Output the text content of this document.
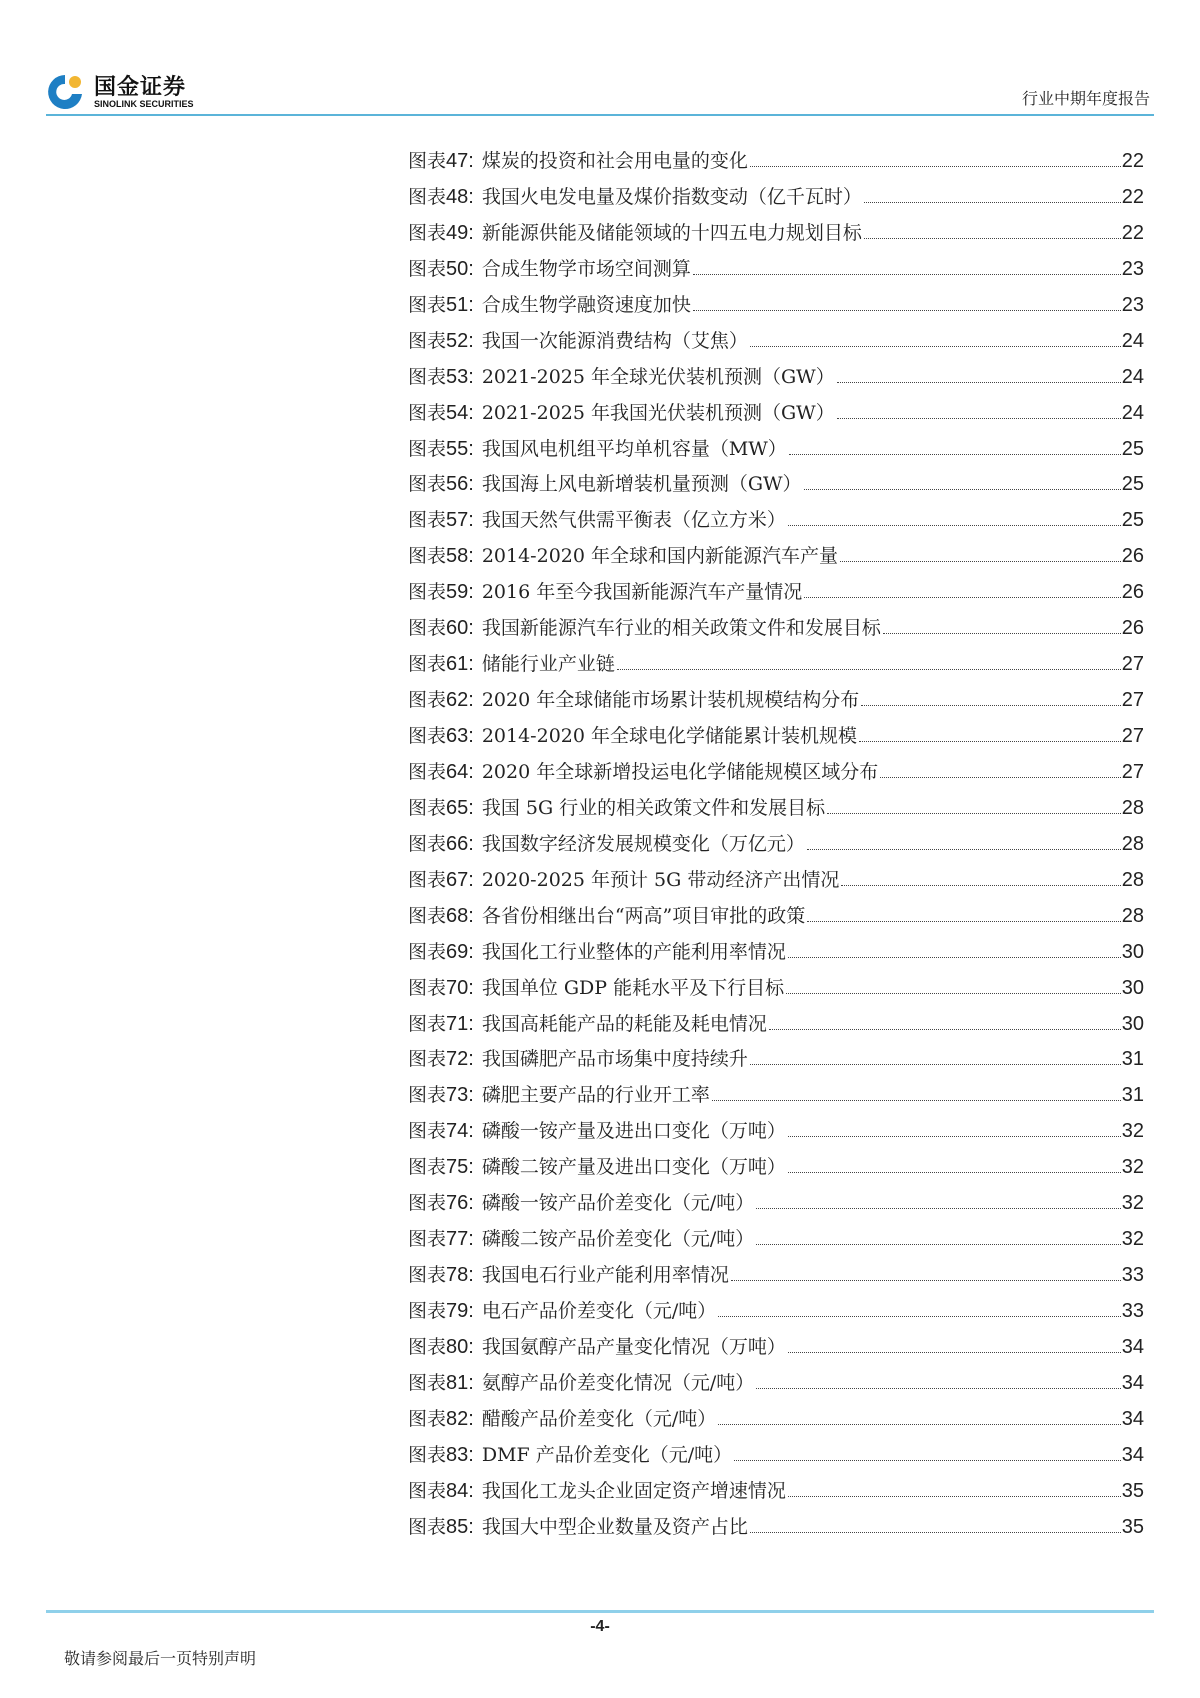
国金证券
SINOLINK SECURITIES	行业中期年度报告
图表 47 : 煤炭的投资和社会用电量的变化	22
图表 48 : 我国火电发电量及煤价指数变动（亿千瓦时）	22
图表 49 : 新能源供能及储能领域的十四五电力规划目标	22
图表 50 : 合成生物学市场空间测算	23
图表 51 : 合成生物学融资速度加快	23
图表 52 : 我国一次能源消费结构（艾焦）	24
图表 53 : 2021-2025 年全球光伏装机预测（GW）	24
图表 54 : 2021-2025 年我国光伏装机预测（GW）	24
图表 55 : 我国风电机组平均单机容量（MW）	25
图表 56 : 我国海上风电新增装机量预测（GW）	25
图表 57 : 我国天然气供需平衡表（亿立方米）	25
图表 58 : 2014-2020 年全球和国内新能源汽车产量	26
图表 59 : 2016 年至今我国新能源汽车产量情况	26
图表 60 : 我国新能源汽车行业的相关政策文件和发展目标	26
图表 61 : 储能行业产业链	27
图表 62 : 2020 年全球储能市场累计装机规模结构分布	27
图表 63 : 2014-2020 年全球电化学储能累计装机规模	27
图表 64 : 2020 年全球新增投运电化学储能规模区域分布	27
图表 65 : 我国 5G 行业的相关政策文件和发展目标	28
图表 66 : 我国数字经济发展规模变化（万亿元）	28
图表 67 : 2020-2025 年预计 5G 带动经济产出情况	28
图表 68 : 各省份相继出台“两高”项目审批的政策	28
图表 69 : 我国化工行业整体的产能利用率情况	30
图表 70 : 我国单位 GDP 能耗水平及下行目标	30
图表 71 : 我国高耗能产品的耗能及耗电情况	30
图表 72 : 我国磷肥产品市场集中度持续升	31
图表 73 : 磷肥主要产品的行业开工率	31
图表 74 : 磷酸一铵产量及进出口变化（万吨）	32
图表 75 : 磷酸二铵产量及进出口变化（万吨）	32
图表 76 : 磷酸一铵产品价差变化（元/吨）	32
图表 77 : 磷酸二铵产品价差变化（元/吨）	32
图表 78 : 我国电石行业产能利用率情况	33
图表 79 : 电石产品价差变化（元/吨）	33
图表 80 : 我国氨醇产品产量变化情况（万吨）	34
图表 81 : 氨醇产品价差变化情况（元/吨）	34
图表 82 : 醋酸产品价差变化（元/吨）	34
图表 83 : DMF 产品价差变化（元/吨）	34
图表 84 : 我国化工龙头企业固定资产增速情况	35
图表 85 : 我国大中型企业数量及资产占比	35
-4-
敬请参阅最后一页特别声明
